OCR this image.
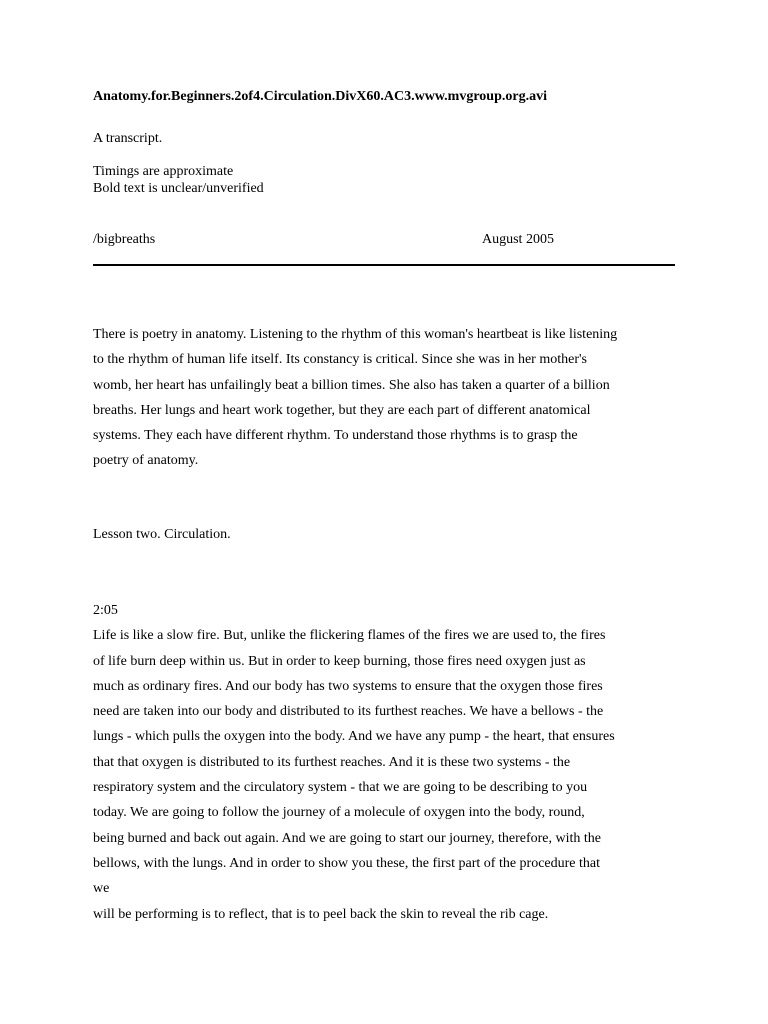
Anatomy.for.Beginners.2of4.Circulation.DivX60.AC3.www.mvgroup.org.avi
A transcript.
Timings are approximate
Bold text is unclear/unverified
/bigbreaths	August 2005
There is poetry in anatomy. Listening to the rhythm of this woman's heartbeat is like listening
to the rhythm of human life itself. Its constancy is critical. Since she was in her mother's
womb, her heart has unfailingly beat a billion times. She also has taken a quarter of a billion
breaths. Her lungs and heart work together, but they are each part of different anatomical
systems. They each have different rhythm. To understand those rhythms is to grasp the
poetry of anatomy.
Lesson two. Circulation.
2:05
Life is like a slow fire. But, unlike the flickering flames of the fires we are used to, the fires
of life burn deep within us. But in order to keep burning, those fires need oxygen just as
much as ordinary fires. And our body has two systems to ensure that the oxygen those fires
need are taken into our body and distributed to its furthest reaches. We have a bellows - the
lungs - which pulls the oxygen into the body. And we have any pump - the heart, that ensures
that that oxygen is distributed to its furthest reaches. And it is these two systems - the
respiratory system and the circulatory system - that we are going to be describing to you
today. We are going to follow the journey of a molecule of oxygen into the body, round,
being burned and back out again. And we are going to start our journey, therefore, with the
bellows, with the lungs. And in order to show you these, the first part of the procedure that
we
will be performing is to reflect, that is to peel back the skin to reveal the rib cage.
